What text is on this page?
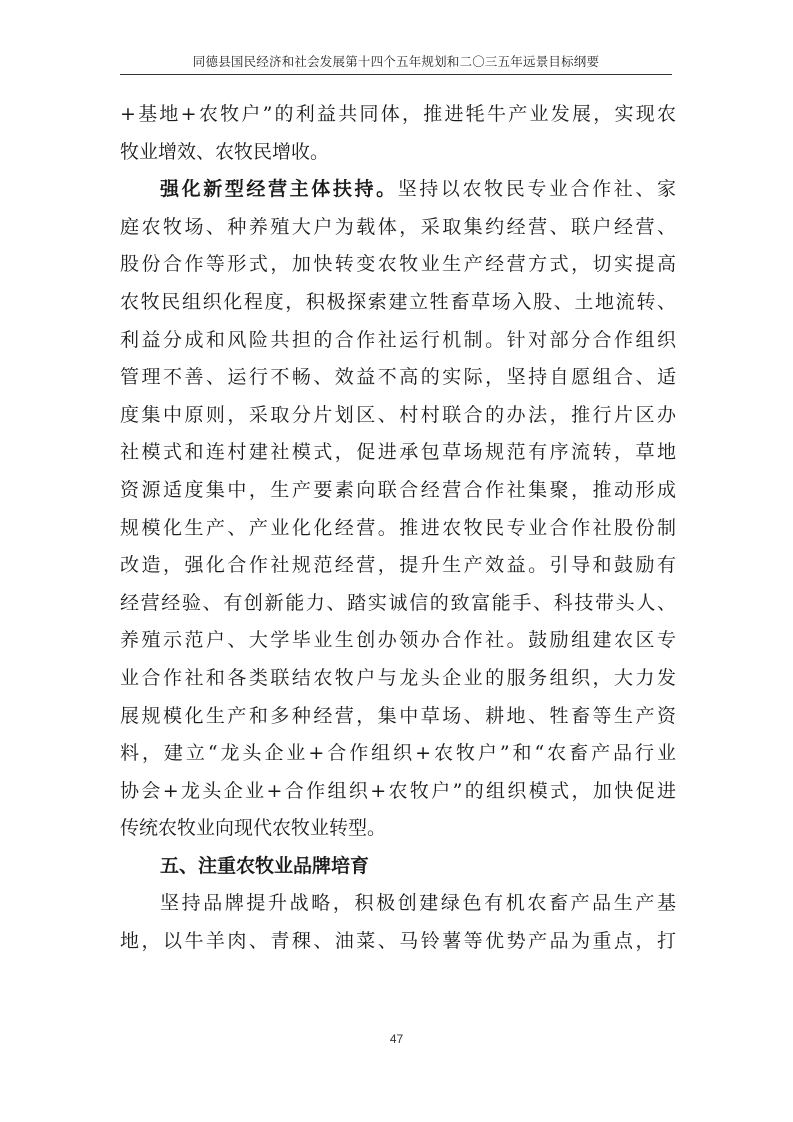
同德县国民经济和社会发展第十四个五年规划和二〇三五年远景目标纲要
+基地+农牧户”的利益共同体，推进牦牛产业发展，实现农
牧业增效、农牧民增收。
强化新型经营主体扶持。坚持以农牧民专业合作社、家
庭农牧场、种养殖大户为载体，采取集约经营、联户经营、
股份合作等形式，加快转变农牧业生产经营方式，切实提高
农牧民组织化程度，积极探索建立牲畜草场入股、土地流转、
利益分成和风险共担的合作社运行机制。针对部分合作组织
管理不善、运行不畅、效益不高的实际，坚持自愿组合、适
度集中原则，采取分片划区、村村联合的办法，推行片区办
社模式和连村建社模式，促进承包草场规范有序流转，草地
资源适度集中，生产要素向联合经营合作社集聚，推动形成
规模化生产、产业化化经营。推进农牧民专业合作社股份制
改造，强化合作社规范经营，提升生产效益。引导和鼓励有
经营经验、有创新能力、踏实诚信的致富能手、科技带头人、
养殖示范户、大学毕业生创办领办合作社。鼓励组建农区专
业合作社和各类联结农牧户与龙头企业的服务组织，大力发
展规模化生产和多种经营，集中草场、耕地、牲畜等生产资
料，建立“龙头企业+合作组织+农牧户”和“农畜产品行业
协会+龙头企业+合作组织+农牧户”的组织模式，加快促进
传统农牧业向现代农牧业转型。
五、注重农牧业品牌培育
坚持品牌提升战略，积极创建绿色有机农畜产品生产基
地，以牛羊肉、青稞、油菜、马铃薯等优势产品为重点，打
47
